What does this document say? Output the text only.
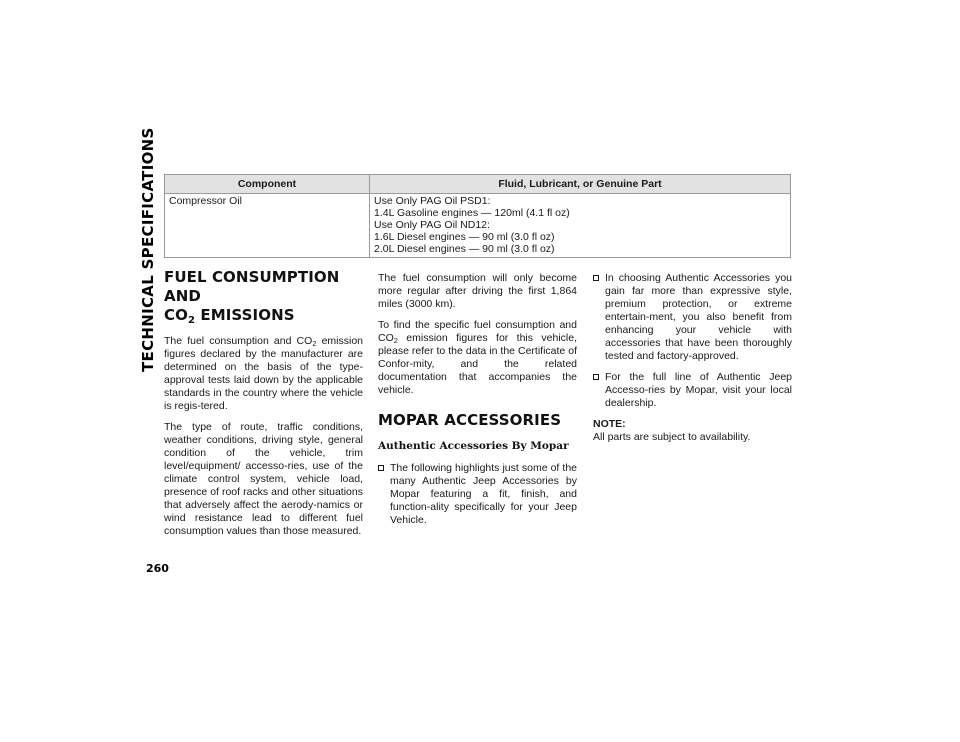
TECHNICAL SPECIFICATIONS
260
Component	Fluid, Lubricant, or Genuine Part
Compressor Oil	Use Only PAG Oil PSD1:
1.4L Gasoline engines — 120ml (4.1 fl oz)
Use Only PAG Oil ND12:
1.6L Diesel engines — 90 ml (3.0 fl oz)
2.0L Diesel engines — 90 ml (3.0 fl oz)
FUEL CONSUMPTION AND
$CO_2$ EMISSIONS

The fuel consumption and $CO_2$ emission figures declared by the manufacturer are determined on the basis of the type-approval tests laid down by the applicable standards in the country where the vehicle is regis-tered.

The type of route, traffic conditions, weather conditions, driving style, general condition of the vehicle, trim level/equipment/ accesso-ries, use of the climate control system, vehicle load, presence of roof racks and other situations that adversely affect the aerody-namics or wind resistance lead to different fuel consumption values than those measured.

The fuel consumption will only become more regular after driving the first 1,864 miles (3000 km).

To find the specific fuel consumption and $CO_2$ emission figures for this vehicle, please refer to the data in the Certificate of Confor-mity, and the related documentation that accompanies the vehicle.

MOPAR ACCESSORIES
Authentic Accessories By Mopar
The following highlights just some of the many Authentic Jeep Accessories by Mopar featuring a fit, finish, and function-ality specifically for your Jeep Vehicle.
In choosing Authentic Accessories you gain far more than expressive style, premium protection, or extreme entertain-ment, you also benefit from enhancing your vehicle with accessories that have been thoroughly tested and factory-approved.
For the full line of Authentic Jeep Accesso-ries by Mopar, visit your local dealership.

NOTE:

All parts are subject to availability.
